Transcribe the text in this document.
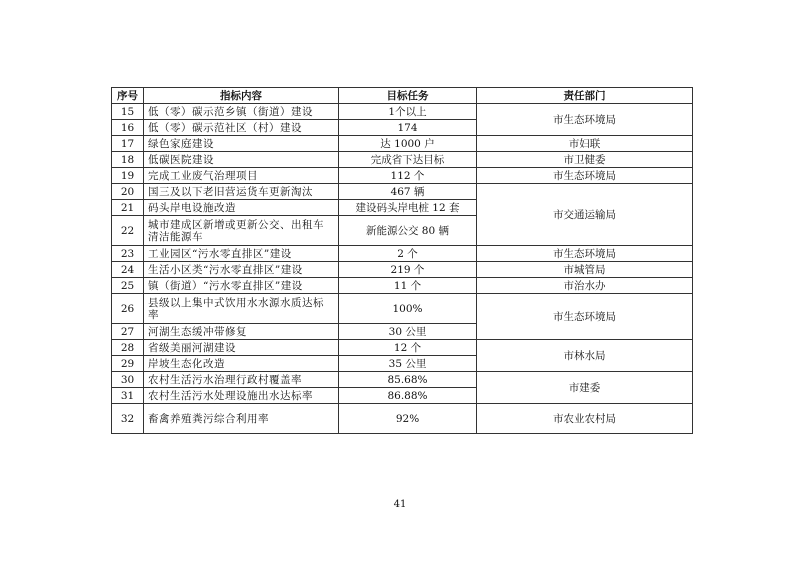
序号	指标内容	目标任务	责任部门
15	低（零）碳示范乡镇（街道）建设	1个以上	市生态环境局
16	低（零）碳示范社区（村）建设	174	
17	绿色家庭建设	达 1000 户	市妇联
18	低碳医院建设	完成省下达目标	市卫健委
19	完成工业废气治理项目	112 个	市生态环境局
20	国三及以下老旧营运货车更新淘汰	467 辆	市交通运输局
21	码头岸电设施改造	建设码头岸电桩 12 套	
22	城市建成区新增或更新公交、出租车清洁能源车	新能源公交 80 辆	
23	工业园区“污水零直排区”建设	2 个	市生态环境局
24	生活小区类“污水零直排区”建设	219 个	市城管局
25	镇（街道）“污水零直排区”建设	11 个	市治水办
26	县级以上集中式饮用水水源水质达标率	100%	市生态环境局
27	河湖生态缓冲带修复	30 公里	
28	省级美丽河湖建设	12 个	市林水局
29	岸坡生态化改造	35 公里	
30	农村生活污水治理行政村覆盖率	85.68%	市建委
31	农村生活污水处理设施出水达标率	86.88%	
32	畜禽养殖粪污综合利用率	92%	市农业农村局
41
